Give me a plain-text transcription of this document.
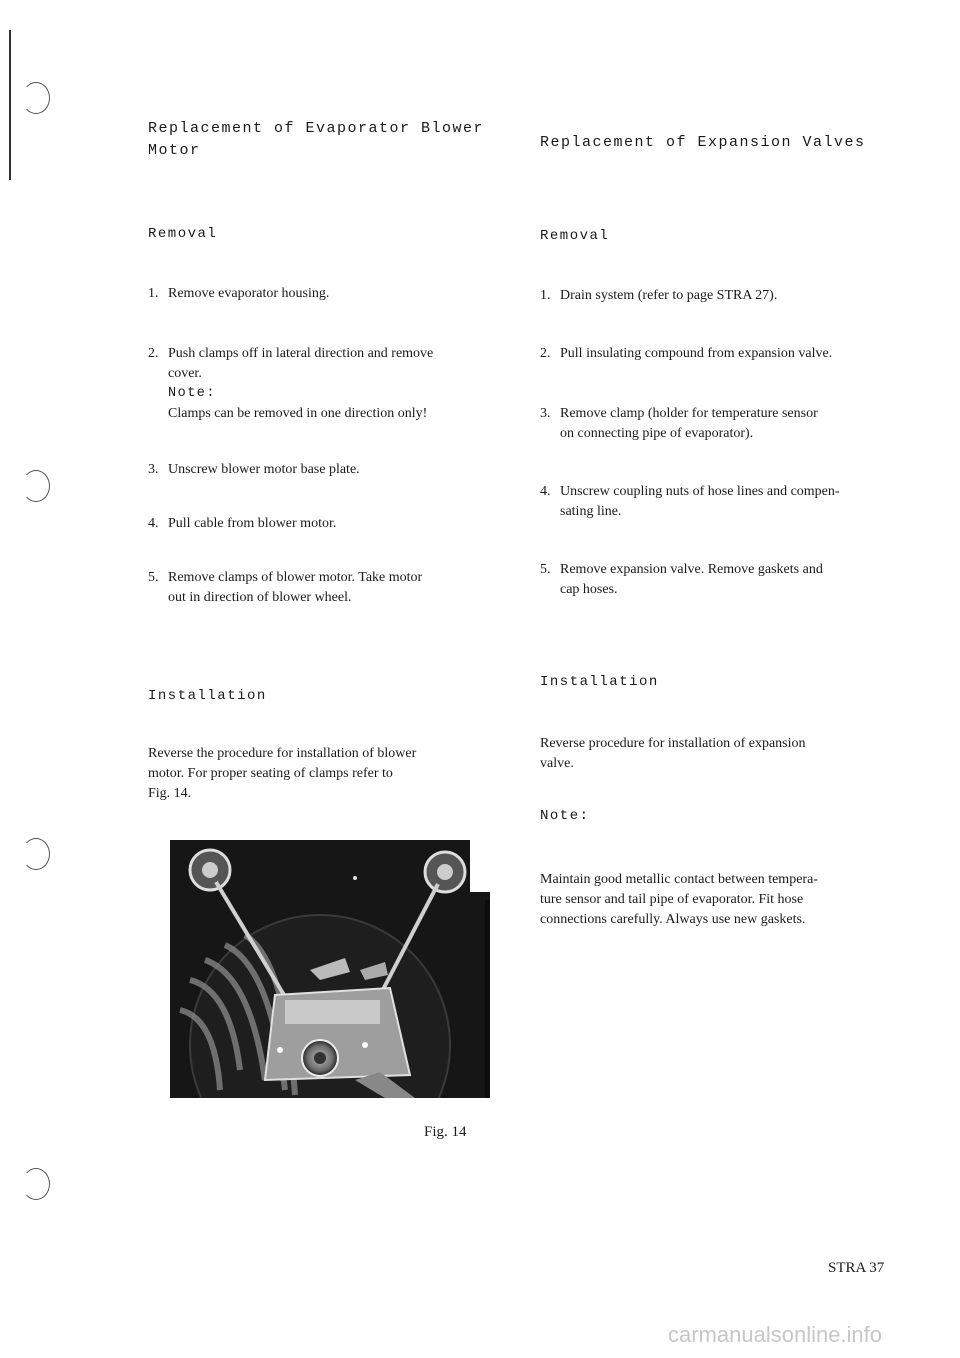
Replacement of Evaporator Blower
Motor
Removal
1. Remove evaporator housing.
2. Push clamps off in lateral direction and remove
cover.
Note:
Clamps can be removed in one direction only!
3. Unscrew blower motor base plate.
4. Pull cable from blower motor.
5. Remove clamps of blower motor. Take motor
out in direction of blower wheel.
Installation
Reverse the procedure for installation of blower
motor. For proper seating of clamps refer to
Fig. 14.
Fig. 14
Replacement of Expansion Valves
Removal
1. Drain system (refer to page STRA 27).
2. Pull insulating compound from expansion valve.
3. Remove clamp (holder for temperature sensor
on connecting pipe of evaporator).
4. Unscrew coupling nuts of hose lines and compen-
sating line.
5. Remove expansion valve. Remove gaskets and
cap hoses.
Installation
Reverse procedure for installation of expansion
valve.
Note:
Maintain good metallic contact between tempera-
ture sensor and tail pipe of evaporator. Fit hose
connections carefully. Always use new gaskets.
STRA 37
carmanualsonline.info
